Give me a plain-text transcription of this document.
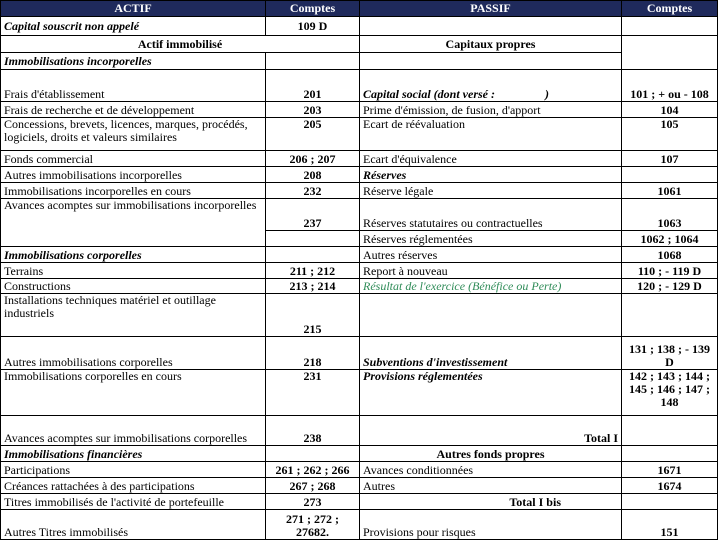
ACTIF	Comptes	PASSIF	Comptes
Capital souscrit non appelé	109 D		
Actif immobilisé		Capitaux propres	
Immobilisations incorporelles			
Frais d'établissement	201	Capital social (dont versé : )	101 ; + ou - 108
Frais de recherche et de développement	203	Prime d'émission, de fusion, d'apport	104
Concessions, brevets, licences, marques, procédés, logiciels, droits et valeurs similaires	205	Ecart de réévaluation	105
Fonds commercial	206 ; 207	Ecart d'équivalence	107
Autres immobilisations incorporelles	208	Réserves	
Immobilisations incorporelles en cours	232	Réserve légale	1061
Avances acomptes sur immobilisations incorporelles	237	Réserves statutaires ou contractuelles	1063
		Réserves réglementées	1062 ; 1064
Immobilisations corporelles		Autres réserves	1068
Terrains	211 ; 212	Report à nouveau	110 ; - 119 D
Constructions	213 ; 214	Résultat de l'exercice (Bénéfice ou Perte)	120 ; - 129 D
Installations techniques matériel et outillage industriels	215		
Autres immobilisations corporelles	218	Subventions d'investissement	131 ; 138 ; - 139 D
Immobilisations corporelles en cours	231	Provisions réglementées	142 ; 143 ; 144 ; 145 ; 146 ; 147 ; 148
Avances acomptes sur immobilisations corporelles	238	Total I	
Immobilisations financières		Autres fonds propres	
Participations	261 ; 262 ; 266	Avances conditionnées	1671
Créances rattachées à des participations	267 ; 268	Autres	1674
Titres immobilisés de l'activité de portefeuille	273	Total I bis	
Autres Titres immobilisés	271 ; 272 ; 27682.	Provisions pour risques	151
